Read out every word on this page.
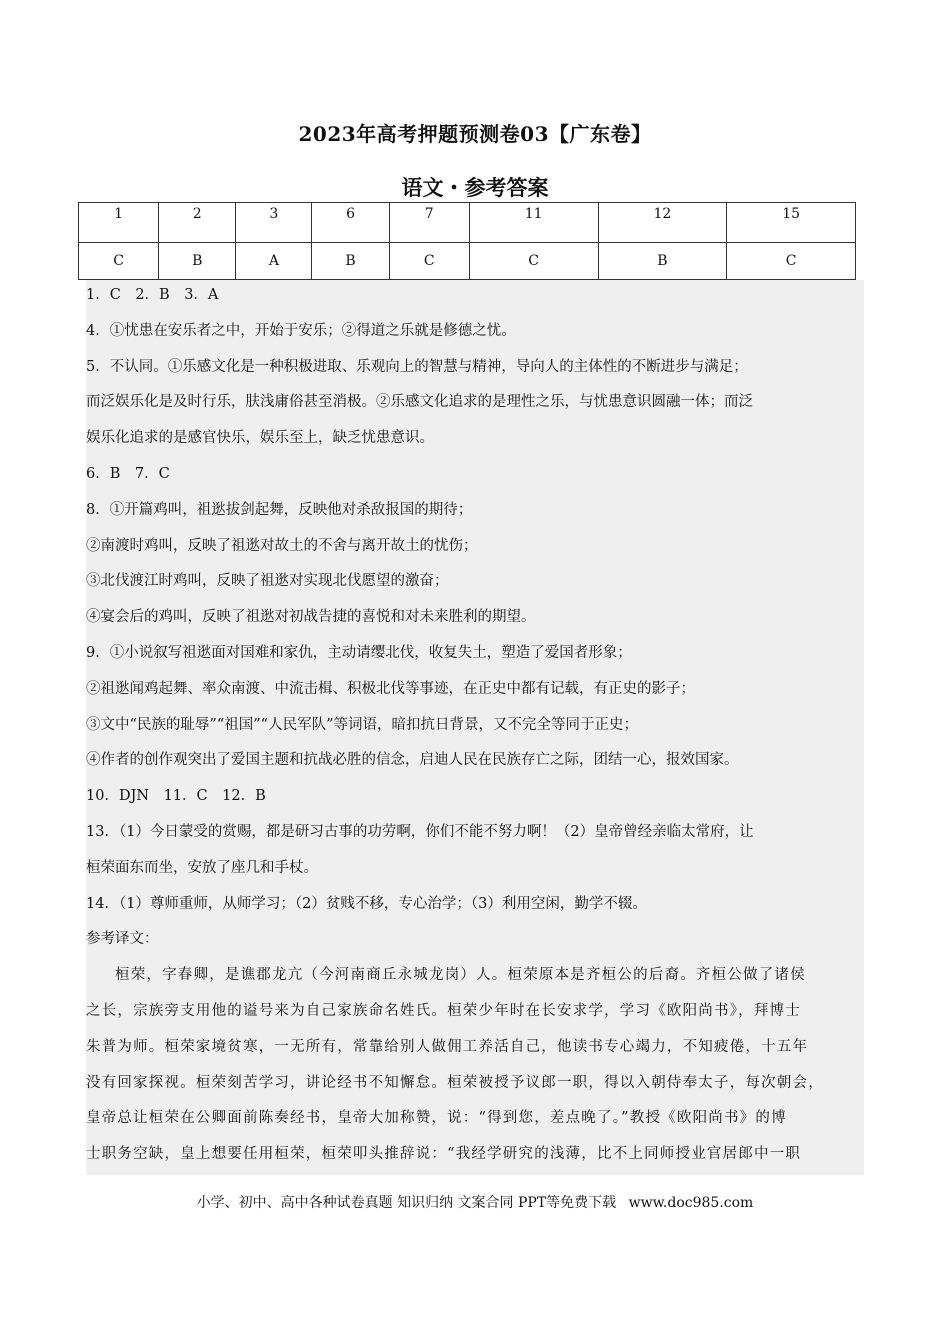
2023年高考押题预测卷03【广东卷】
语文・参考答案
1	2	3	6	7	11	12	15
C	B	A	B	C	C	B	C
1．C　2．B　3．A
4．①忧患在安乐者之中，开始于安乐；②得道之乐就是修德之忧。
5．不认同。①乐感文化是一种积极进取、乐观向上的智慧与精神，导向人的主体性的不断进步与满足；
而泛娱乐化是及时行乐，肤浅庸俗甚至消极。②乐感文化追求的是理性之乐，与忧患意识圆融一体；而泛
娱乐化追求的是感官快乐，娱乐至上，缺乏忧患意识。
6．B　7．C
8．①开篇鸡叫，祖逖拔剑起舞，反映他对杀敌报国的期待；
②南渡时鸡叫，反映了祖逖对故土的不舍与离开故土的忧伤；
③北伐渡江时鸡叫，反映了祖逖对实现北伐愿望的激奋；
④宴会后的鸡叫，反映了祖逖对初战告捷的喜悦和对未来胜利的期望。
9．①小说叙写祖逖面对国难和家仇，主动请缨北伐，收复失土，塑造了爱国者形象；
②祖逖闻鸡起舞、率众南渡、中流击楫、积极北伐等事迹，在正史中都有记载，有正史的影子；
③文中“民族的耻辱”“祖国”“人民军队”等词语，暗扣抗日背景，又不完全等同于正史；
④作者的创作观突出了爱国主题和抗战必胜的信念，启迪人民在民族存亡之际，团结一心，报效国家。
10．DJN　11．C　12．B
13．（1）今日蒙受的赏赐，都是研习古事的功劳啊，你们不能不努力啊！（2）皇帝曾经亲临太常府，让
桓荣面东而坐，安放了座几和手杖。
14．（1）尊师重师，从师学习；（2）贫贱不移，专心治学；（3）利用空闲，勤学不辍。
参考译文：
桓荣，字春卿，是谯郡龙亢（今河南商丘永城龙岗）人。桓荣原本是齐桓公的后裔。齐桓公做了诸侯
之长，宗族旁支用他的谥号来为自己家族命名姓氏。桓荣少年时在长安求学，学习《欧阳尚书》，拜博士
朱普为师。桓荣家境贫寒，一无所有，常靠给别人做佣工养活自己，他读书专心竭力，不知疲倦，十五年
没有回家探视。桓荣刻苦学习，讲论经书不知懈怠。桓荣被授予议郎一职，得以入朝侍奉太子，每次朝会，
皇帝总让桓荣在公卿面前陈奏经书，皇帝大加称赞，说：“得到您，差点晚了。”教授《欧阳尚书》的博
士职务空缺，皇上想要任用桓荣，桓荣叩头推辞说：“我经学研究的浅薄，比不上同师授业官居郎中一职
小学、初中、高中各种试卷真题 知识归纳 文案合同 PPT等免费下载 www.doc985.com
